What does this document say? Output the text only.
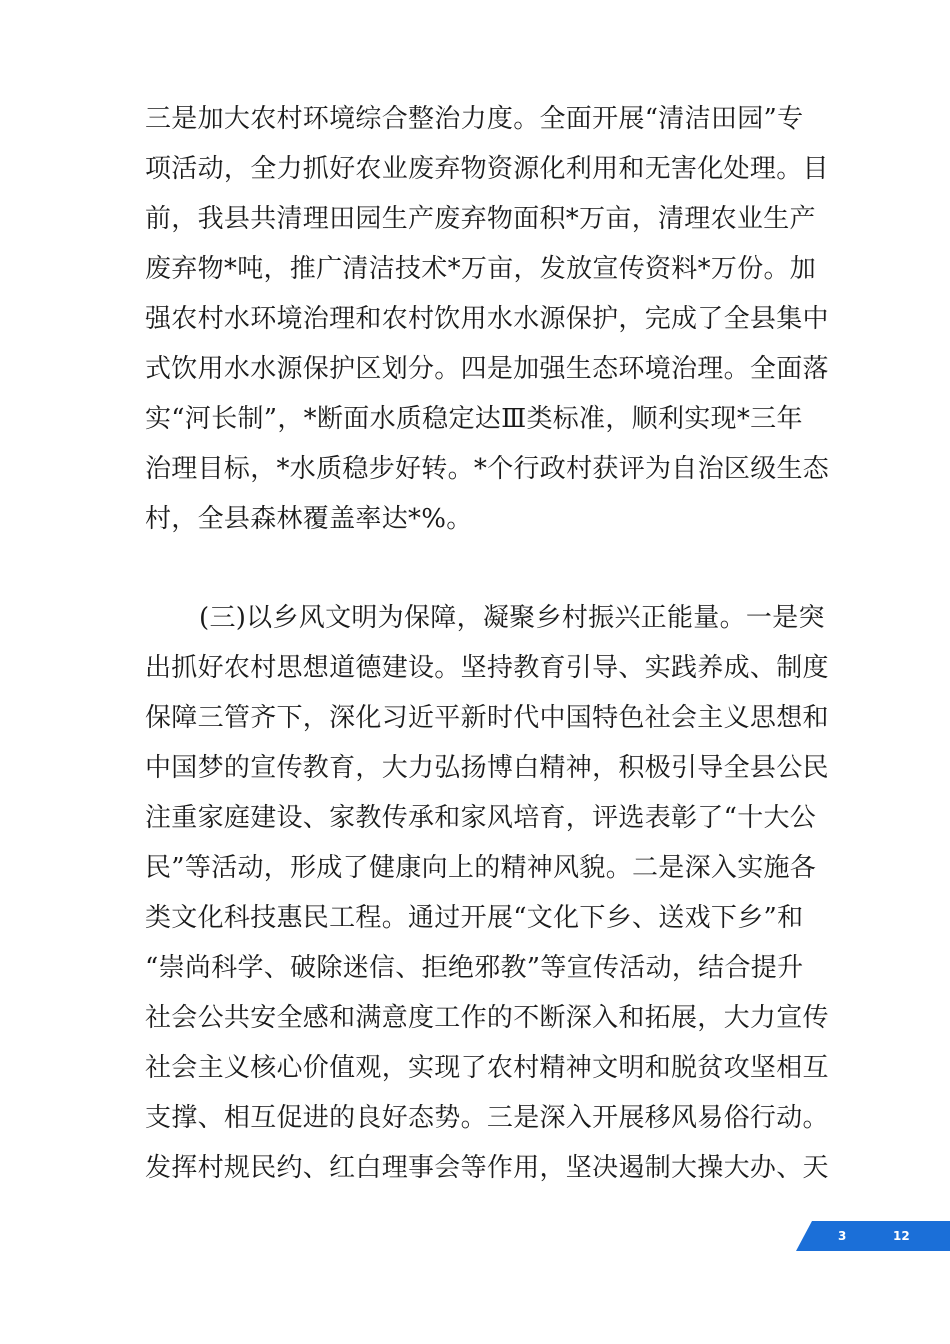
三是加大农村环境综合整治力度。全面开展“清洁田园”专
项活动，全力抓好农业废弃物资源化利用和无害化处理。目
前，我县共清理田园生产废弃物面积*万亩，清理农业生产
废弃物*吨，推广清洁技术*万亩，发放宣传资料*万份。加
强农村水环境治理和农村饮用水水源保护，完成了全县集中
式饮用水水源保护区划分。四是加强生态环境治理。全面落
实“河长制”，*断面水质稳定达Ⅲ类标准，顺利实现*三年
治理目标，*水质稳步好转。*个行政村获评为自治区级生态
村，全县森林覆盖率达*%。
(三)以乡风文明为保障，凝聚乡村振兴正能量。一是突
出抓好农村思想道德建设。坚持教育引导、实践养成、制度
保障三管齐下，深化习近平新时代中国特色社会主义思想和
中国梦的宣传教育，大力弘扬博白精神，积极引导全县公民
注重家庭建设、家教传承和家风培育，评选表彰了“十大公
民”等活动，形成了健康向上的精神风貌。二是深入实施各
类文化科技惠民工程。通过开展“文化下乡、送戏下乡”和
“崇尚科学、破除迷信、拒绝邪教”等宣传活动，结合提升
社会公共安全感和满意度工作的不断深入和拓展，大力宣传
社会主义核心价值观，实现了农村精神文明和脱贫攻坚相互
支撑、相互促进的良好态势。三是深入开展移风易俗行动。
发挥村规民约、红白理事会等作用，坚决遏制大操大办、天
3	12
